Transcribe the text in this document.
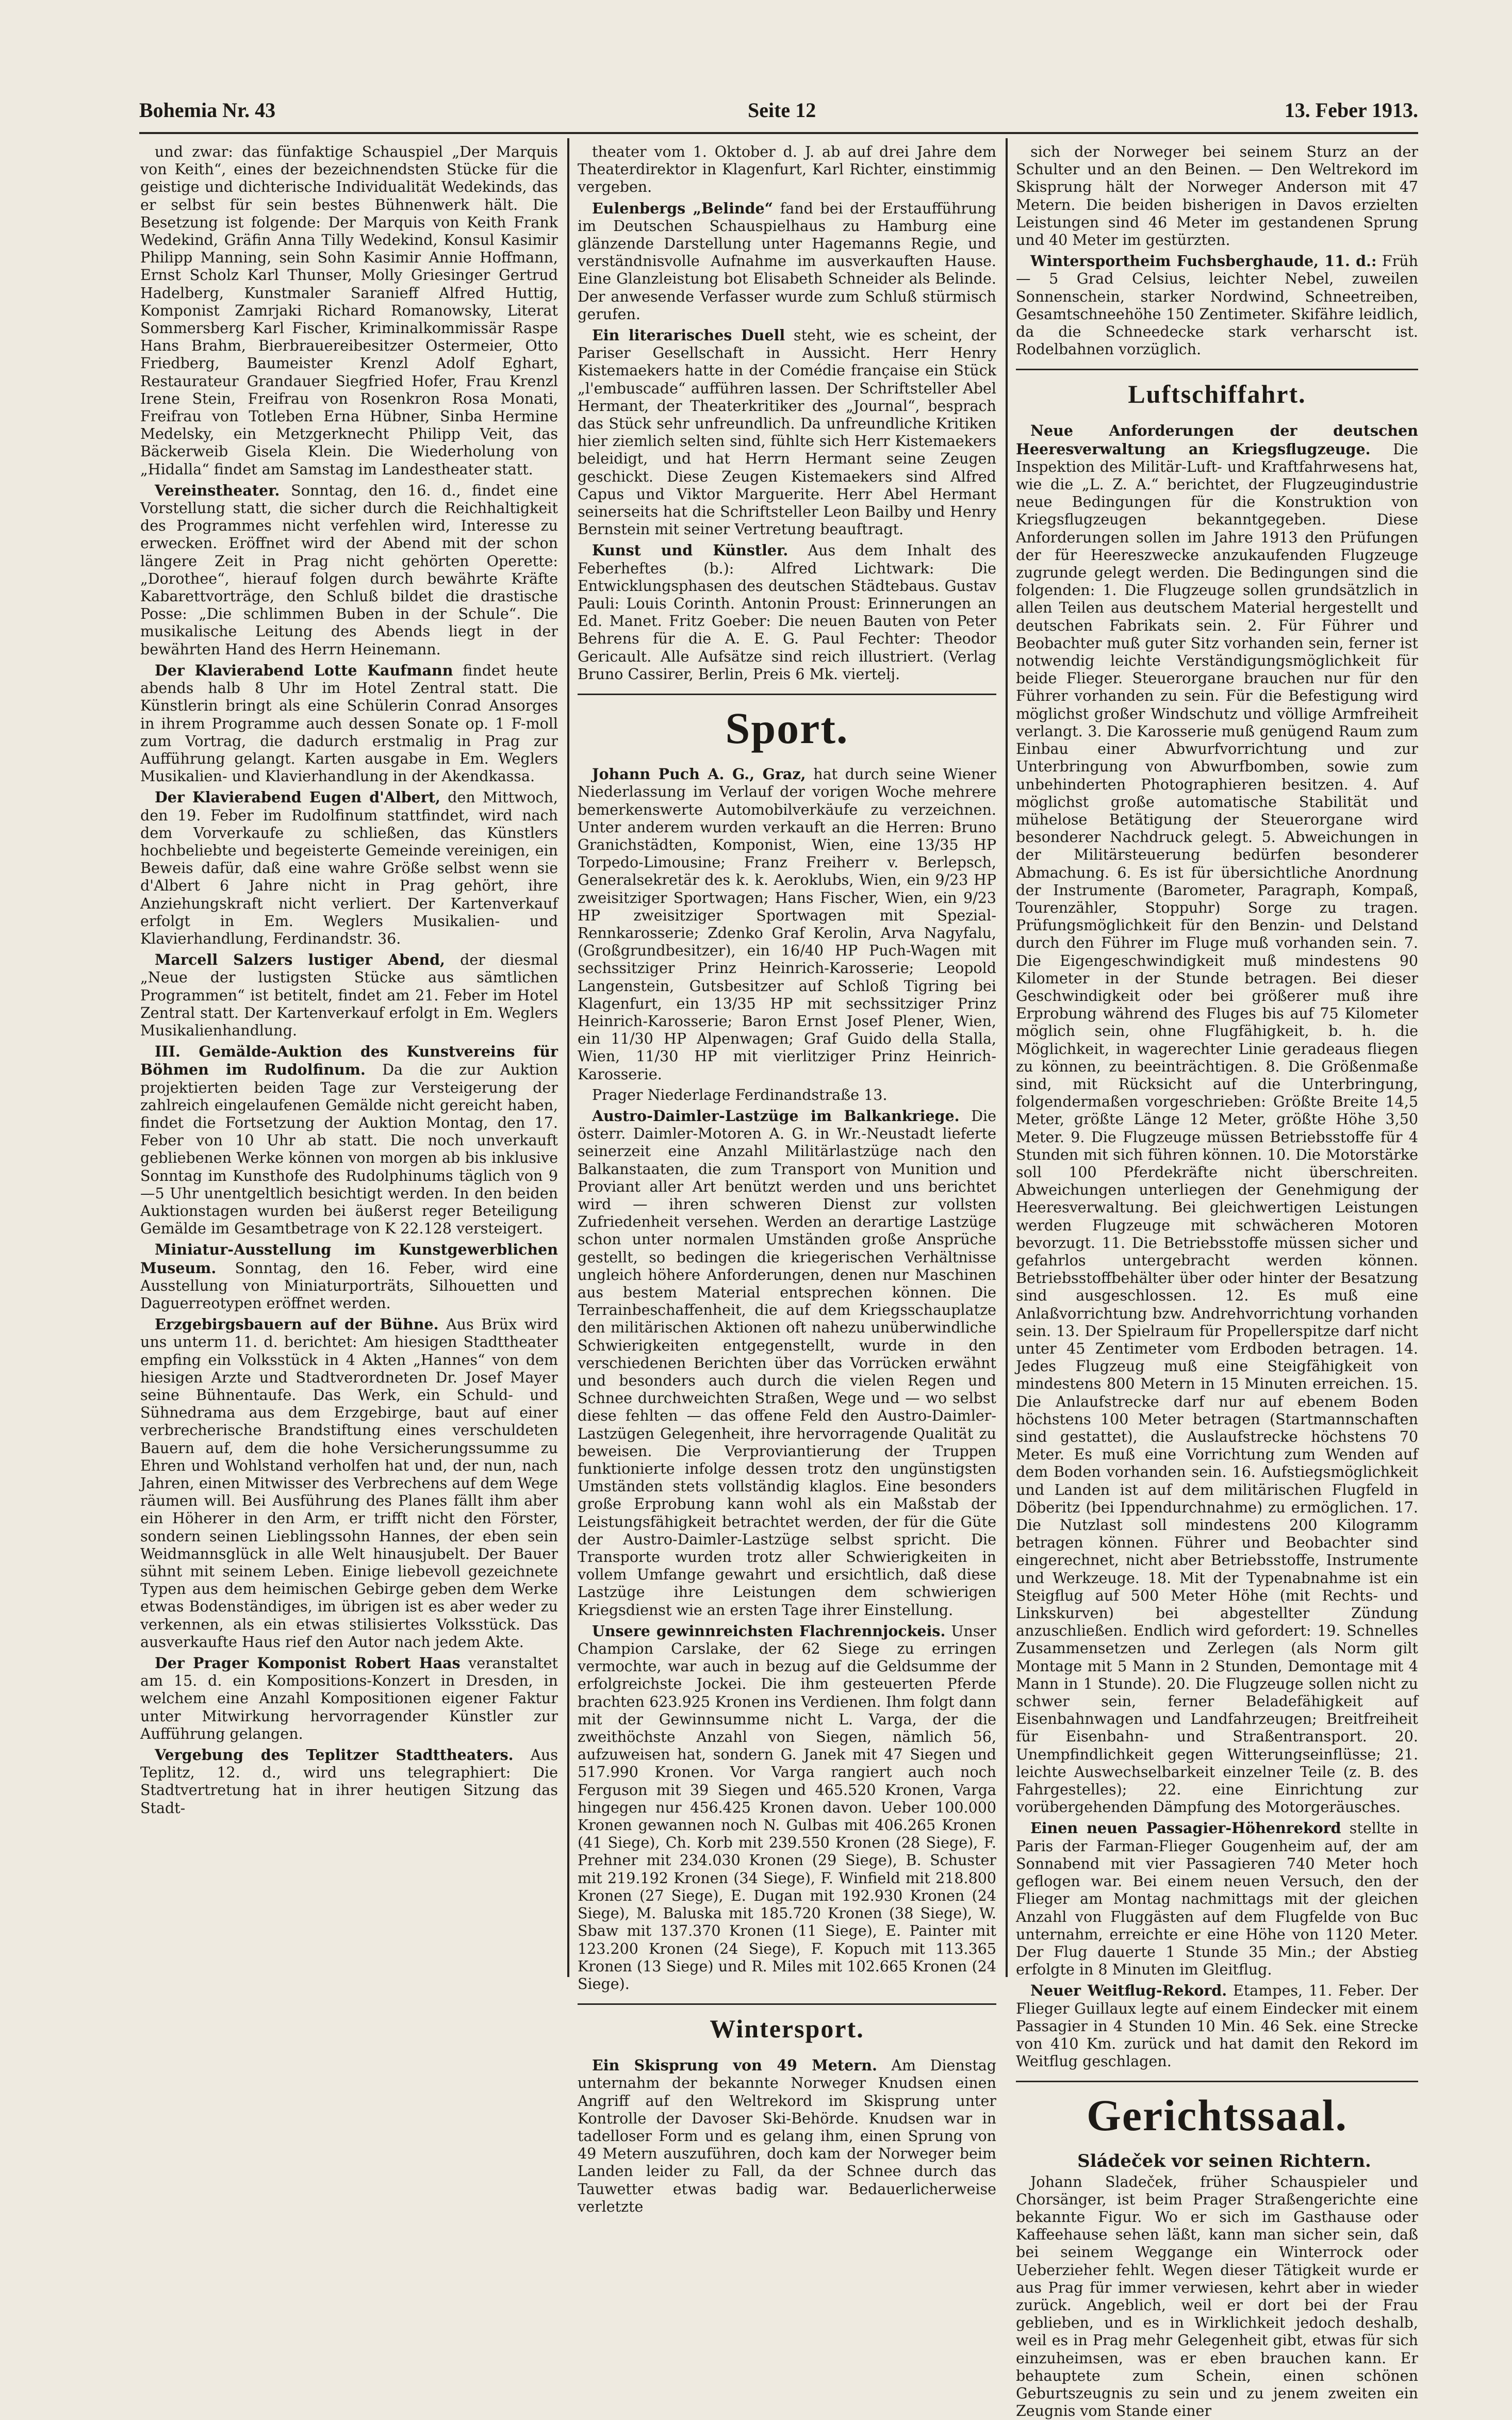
Bohemia Nr. 43	Seite 12	13. Feber 1913.

und zwar: das fünfaktige Schauspiel „Der Marquis von Keith“, eines der bezeichnendsten Stücke für die geistige und dichterische Individualität Wedekinds, das er selbst für sein bestes Bühnenwerk hält. Die Besetzung ist folgende: Der Marquis von Keith Frank Wedekind, Gräfin Anna Tilly Wedekind, Konsul Kasimir Philipp Manning, sein Sohn Kasimir Annie Hoffmann, Ernst Scholz Karl Thunser, Molly Griesinger Gertrud Hadelberg, Kunstmaler Saranieff Alfred Huttig, Komponist Zamrjaki Richard Romanowsky, Literat Sommersberg Karl Fischer, Kriminalkommissär Raspe Hans Brahm, Bierbrauereibesitzer Ostermeier, Otto Friedberg, Baumeister Krenzl Adolf Eghart, Restaurateur Grandauer Siegfried Hofer, Frau Krenzl Irene Stein, Freifrau von Rosenkron Rosa Monati, Freifrau von Totleben Erna Hübner, Sinba Hermine Medelsky, ein Metzgerknecht Philipp Veit, das Bäckerweib Gisela Klein. Die Wiederholung von „Hidalla“ findet am Samstag im Landestheater statt.

Vereinstheater. Sonntag, den 16. d., findet eine Vorstellung statt, die sicher durch die Reichhaltigkeit des Programmes nicht verfehlen wird, Interesse zu erwecken. Eröffnet wird der Abend mit der schon längere Zeit in Prag nicht gehörten Operette: „Dorothee“, hierauf folgen durch bewährte Kräfte Kabarettvorträge, den Schluß bildet die drastische Posse: „Die schlimmen Buben in der Schule“. Die musikalische Leitung des Abends liegt in der bewährten Hand des Herrn Heinemann.

Der Klavierabend Lotte Kaufmann findet heute abends halb 8 Uhr im Hotel Zentral statt. Die Künstlerin bringt als eine Schülerin Conrad Ansorges in ihrem Programme auch dessen Sonate op. 1 F-moll zum Vortrag, die dadurch erstmalig in Prag zur Aufführung gelangt. Karten ausgabe in Em. Weglers Musikalien- und Klavierhandlung in der Akendkassa.

Der Klavierabend Eugen d'Albert, den Mittwoch, den 19. Feber im Rudolfinum stattfindet, wird nach dem Vorverkaufe zu schließen, das Künstlers hochbeliebte und begeisterte Gemeinde vereinigen, ein Beweis dafür, daß eine wahre Größe selbst wenn sie d'Albert 6 Jahre nicht in Prag gehört, ihre Anziehungskraft nicht verliert. Der Kartenverkauf erfolgt in Em. Weglers Musikalien- und Klavierhandlung, Ferdinandstr. 36.

Marcell Salzers lustiger Abend, der diesmal „Neue der lustigsten Stücke aus sämtlichen Programmen“ ist betitelt, findet am 21. Feber im Hotel Zentral statt. Der Kartenverkauf erfolgt in Em. Weglers Musikalienhandlung.

III. Gemälde-Auktion des Kunstvereins für Böhmen im Rudolfinum. Da die zur Auktion projektierten beiden Tage zur Versteigerung der zahlreich eingelaufenen Gemälde nicht gereicht haben, findet die Fortsetzung der Auktion Montag, den 17. Feber von 10 Uhr ab statt. Die noch unverkauft gebliebenen Werke können von morgen ab bis inklusive Sonntag im Kunsthofe des Rudolphinums täglich von 9—5 Uhr unentgeltlich besichtigt werden. In den beiden Auktionstagen wurden bei äußerst reger Beteiligung Gemälde im Gesamtbetrage von K 22.128 versteigert.

Miniatur-Ausstellung im Kunstgewerblichen Museum. Sonntag, den 16. Feber, wird eine Ausstellung von Miniaturporträts, Silhouetten und Daguerreotypen eröffnet werden.

Erzgebirgsbauern auf der Bühne. Aus Brüx wird uns unterm 11. d. berichtet: Am hiesigen Stadttheater empfing ein Volksstück in 4 Akten „Hannes“ von dem hiesigen Arzte und Stadtverordneten Dr. Josef Mayer seine Bühnentaufe. Das Werk, ein Schuld- und Sühnedrama aus dem Erzgebirge, baut auf einer verbrecherische Brandstiftung eines verschuldeten Bauern auf, dem die hohe Versicherungssumme zu Ehren und Wohlstand verholfen hat und, der nun, nach Jahren, einen Mitwisser des Verbrechens auf dem Wege räumen will. Bei Ausführung des Planes fällt ihm aber ein Höherer in den Arm, er trifft nicht den Förster, sondern seinen Lieblingssohn Hannes, der eben sein Weidmannsglück in alle Welt hinausjubelt. Der Bauer sühnt mit seinem Leben. Einige liebevoll gezeichnete Typen aus dem heimischen Gebirge geben dem Werke etwas Bodenständiges, im übrigen ist es aber weder zu verkennen, als ein etwas stilisiertes Volksstück. Das ausverkaufte Haus rief den Autor nach jedem Akte.

Der Prager Komponist Robert Haas veranstaltet am 15. d. ein Kompositions-Konzert in Dresden, in welchem eine Anzahl Kompositionen eigener Faktur unter Mitwirkung hervorragender Künstler zur Aufführung gelangen.

Vergebung des Teplitzer Stadttheaters. Aus Teplitz, 12. d., wird uns telegraphiert: Die Stadtvertretung hat in ihrer heutigen Sitzung das Stadt-

theater vom 1. Oktober d. J. ab auf drei Jahre dem Theaterdirektor in Klagenfurt, Karl Richter, einstimmig vergeben.

Eulenbergs „Belinde“ fand bei der Erstaufführung im Deutschen Schauspielhaus zu Hamburg eine glänzende Darstellung unter Hagemanns Regie, und verständnisvolle Aufnahme im ausverkauften Hause. Eine Glanzleistung bot Elisabeth Schneider als Belinde. Der anwesende Verfasser wurde zum Schluß stürmisch gerufen.

Ein literarisches Duell steht, wie es scheint, der Pariser Gesellschaft in Aussicht. Herr Henry Kistemaekers hatte in der Comédie française ein Stück „l'embuscade“ aufführen lassen. Der Schriftsteller Abel Hermant, der Theaterkritiker des „Journal“, besprach das Stück sehr unfreundlich. Da unfreundliche Kritiken hier ziemlich selten sind, fühlte sich Herr Kistemaekers beleidigt, und hat Herrn Hermant seine Zeugen geschickt. Diese Zeugen Kistemaekers sind Alfred Capus und Viktor Marguerite. Herr Abel Hermant seinerseits hat die Schriftsteller Leon Bailby und Henry Bernstein mit seiner Vertretung beauftragt.

Kunst und Künstler. Aus dem Inhalt des Feberheftes (b.): Alfred Lichtwark: Die Entwicklungsphasen des deutschen Städtebaus. Gustav Pauli: Louis Corinth. Antonin Proust: Erinnerungen an Ed. Manet. Fritz Goeber: Die neuen Bauten von Peter Behrens für die A. E. G. Paul Fechter: Theodor Gericault. Alle Aufsätze sind reich illustriert. (Verlag Bruno Cassirer, Berlin, Preis 6 Mk. viertelj.

Sport.

Johann Puch A. G., Graz, hat durch seine Wiener Niederlassung im Verlauf der vorigen Woche mehrere bemerkenswerte Automobilverkäufe zu verzeichnen. Unter anderem wurden verkauft an die Herren: Bruno Granichstädten, Komponist, Wien, eine 13/35 HP Torpedo-Limousine; Franz Freiherr v. Berlepsch, Generalsekretär des k. k. Aeroklubs, Wien, ein 9/23 HP zweisitziger Sportwagen; Hans Fischer, Wien, ein 9/23 HP zweisitziger Sportwagen mit Spezial-Rennkarosserie; Zdenko Graf Kerolin, Arva Nagyfalu, (Großgrundbesitzer), ein 16/40 HP Puch-Wagen mit sechssitziger Prinz Heinrich-Karosserie; Leopold Langenstein, Gutsbesitzer auf Schloß Tigring bei Klagenfurt, ein 13/35 HP mit sechssitziger Prinz Heinrich-Karosserie; Baron Ernst Josef Plener, Wien, ein 11/30 HP Alpenwagen; Graf Guido della Stalla, Wien, 11/30 HP mit vierlitziger Prinz Heinrich-Karosserie.

Prager Niederlage Ferdinandstraße 13.

Austro-Daimler-Lastzüge im Balkankriege. Die österr. Daimler-Motoren A. G. in Wr.-Neustadt lieferte seinerzeit eine Anzahl Militärlastzüge nach den Balkanstaaten, die zum Transport von Munition und Proviant aller Art benützt werden und uns berichtet wird — ihren schweren Dienst zur vollsten Zufriedenheit versehen. Werden an derartige Lastzüge schon unter normalen Umständen große Ansprüche gestellt, so bedingen die kriegerischen Verhältnisse ungleich höhere Anforderungen, denen nur Maschinen aus bestem Material entsprechen können. Die Terrainbeschaffenheit, die auf dem Kriegsschauplatze den militärischen Aktionen oft nahezu unüberwindliche Schwierigkeiten entgegenstellt, wurde in den verschiedenen Berichten über das Vorrücken erwähnt und besonders auch durch die vielen Regen und Schnee durchweichten Straßen, Wege und — wo selbst diese fehlten — das offene Feld den Austro-Daimler-Lastzügen Gelegenheit, ihre hervorragende Qualität zu beweisen. Die Verproviantierung der Truppen funktionierte infolge dessen trotz den ungünstigsten Umständen stets vollständig klaglos. Eine besonders große Erprobung kann wohl als ein Maßstab der Leistungsfähigkeit betrachtet werden, der für die Güte der Austro-Daimler-Lastzüge selbst spricht. Die Transporte wurden trotz aller Schwierigkeiten in vollem Umfange gewahrt und ersichtlich, daß diese Lastzüge ihre Leistungen dem schwierigen Kriegsdienst wie an ersten Tage ihrer Einstellung.

Unsere gewinnreichsten Flachrennjockeis. Unser Champion Carslake, der 62 Siege zu erringen vermochte, war auch in bezug auf die Geldsumme der erfolgreichste Jockei. Die ihm gesteuerten Pferde brachten 623.925 Kronen ins Verdienen. Ihm folgt dann mit der Gewinnsumme nicht L. Varga, der die zweithöchste Anzahl von Siegen, nämlich 56, aufzuweisen hat, sondern G. Janek mit 47 Siegen und 517.990 Kronen. Vor Varga rangiert auch noch Ferguson mit 39 Siegen und 465.520 Kronen, Varga hingegen nur 456.425 Kronen davon. Ueber 100.000 Kronen gewannen noch N. Gulbas mit 406.265 Kronen (41 Siege), Ch. Korb mit 239.550 Kronen (28 Siege), F. Prehner mit 234.030 Kronen (29 Siege), B. Schuster mit 219.192 Kronen (34 Siege), F. Winfield mit 218.800 Kronen (27 Siege), E. Dugan mit 192.930 Kronen (24 Siege), M. Baluska mit 185.720 Kronen (38 Siege), W. Sbaw mit 137.370 Kronen (11 Siege), E. Painter mit 123.200 Kronen (24 Siege), F. Kopuch mit 113.365 Kronen (13 Siege) und R. Miles mit 102.665 Kronen (24 Siege).

Wintersport.

Ein Skisprung von 49 Metern. Am Dienstag unternahm der bekannte Norweger Knudsen einen Angriff auf den Weltrekord im Skisprung unter Kontrolle der Davoser Ski-Behörde. Knudsen war in tadelloser Form und es gelang ihm, einen Sprung von 49 Metern auszuführen, doch kam der Norweger beim Landen leider zu Fall, da der Schnee durch das Tauwetter etwas badig war. Bedauerlicherweise verletzte

sich der Norweger bei seinem Sturz an der Schulter und an den Beinen. — Den Weltrekord im Skisprung hält der Norweger Anderson mit 47 Metern. Die beiden bisherigen in Davos erzielten Leistungen sind 46 Meter im gestandenen Sprung und 40 Meter im gestürzten.

Wintersportheim Fuchsberghaude, 11. d.: Früh — 5 Grad Celsius, leichter Nebel, zuweilen Sonnenschein, starker Nordwind, Schneetreiben, Gesamtschneehöhe 150 Zentimeter. Skifähre leidlich, da die Schneedecke stark verharscht ist. Rodelbahnen vorzüglich.

Luftschiffahrt.

Neue Anforderungen der deutschen Heeresverwaltung an Kriegsflugzeuge. Die Inspektion des Militär-Luft- und Kraftfahrwesens hat, wie die „L. Z. A.“ berichtet, der Flugzeugindustrie neue Bedingungen für die Konstruktion von Kriegsflugzeugen bekanntgegeben. Diese Anforderungen sollen im Jahre 1913 den Prüfungen der für Heereszwecke anzukaufenden Flugzeuge zugrunde gelegt werden. Die Bedingungen sind die folgenden: 1. Die Flugzeuge sollen grundsätzlich in allen Teilen aus deutschem Material hergestellt und deutschen Fabrikats sein. 2. Für Führer und Beobachter muß guter Sitz vorhanden sein, ferner ist notwendig leichte Verständigungsmöglichkeit für beide Flieger. Steuerorgane brauchen nur für den Führer vorhanden zu sein. Für die Befestigung wird möglichst großer Windschutz und völlige Armfreiheit verlangt. 3. Die Karosserie muß genügend Raum zum Einbau einer Abwurfvorrichtung und zur Unterbringung von Abwurfbomben, sowie zum unbehinderten Photographieren besitzen. 4. Auf möglichst große automatische Stabilität und mühelose Betätigung der Steuerorgane wird besonderer Nachdruck gelegt. 5. Abweichungen in der Militärsteuerung bedürfen besonderer Abmachung. 6. Es ist für übersichtliche Anordnung der Instrumente (Barometer, Paragraph, Kompaß, Tourenzähler, Stoppuhr) Sorge zu tragen. Prüfungsmöglichkeit für den Benzin- und Delstand durch den Führer im Fluge muß vorhanden sein. 7. Die Eigengeschwindigkeit muß mindestens 90 Kilometer in der Stunde betragen. Bei dieser Geschwindigkeit oder bei größerer muß ihre Erprobung während des Fluges bis auf 75 Kilometer möglich sein, ohne Flugfähigkeit, b. h. die Möglichkeit, in wagerechter Linie geradeaus fliegen zu können, zu beeinträchtigen. 8. Die Größenmaße sind, mit Rücksicht auf die Unterbringung, folgendermaßen vorgeschrieben: Größte Breite 14,5 Meter, größte Länge 12 Meter, größte Höhe 3,50 Meter. 9. Die Flugzeuge müssen Betriebsstoffe für 4 Stunden mit sich führen können. 10. Die Motorstärke soll 100 Pferdekräfte nicht überschreiten. Abweichungen unterliegen der Genehmigung der Heeresverwaltung. Bei gleichwertigen Leistungen werden Flugzeuge mit schwächeren Motoren bevorzugt. 11. Die Betriebsstoffe müssen sicher und gefahrlos untergebracht werden können. Betriebsstoffbehälter über oder hinter der Besatzung sind ausgeschlossen. 12. Es muß eine Anlaßvorrichtung bzw. Andrehvorrichtung vorhanden sein. 13. Der Spielraum für Propellerspitze darf nicht unter 45 Zentimeter vom Erdboden betragen. 14. Jedes Flugzeug muß eine Steigfähigkeit von mindestens 800 Metern in 15 Minuten erreichen. 15. Die Anlaufstrecke darf nur auf ebenem Boden höchstens 100 Meter betragen (Startmannschaften sind gestattet), die Auslaufstrecke höchstens 70 Meter. Es muß eine Vorrichtung zum Wenden auf dem Boden vorhanden sein. 16. Aufstiegsmöglichkeit und Landen ist auf dem militärischen Flugfeld in Döberitz (bei Ippendurchnahme) zu ermöglichen. 17. Die Nutzlast soll mindestens 200 Kilogramm betragen können. Führer und Beobachter sind eingerechnet, nicht aber Betriebsstoffe, Instrumente und Werkzeuge. 18. Mit der Typenabnahme ist ein Steigflug auf 500 Meter Höhe (mit Rechts- und Linkskurven) bei abgestellter Zündung anzuschließen. Endlich wird gefordert: 19. Schnelles Zusammensetzen und Zerlegen (als Norm gilt Montage mit 5 Mann in 2 Stunden, Demontage mit 4 Mann in 1 Stunde). 20. Die Flugzeuge sollen nicht zu schwer sein, ferner Beladefähigkeit auf Eisenbahnwagen und Landfahrzeugen; Breitfreiheit für Eisenbahn- und Straßentransport. 20. Unempfindlichkeit gegen Witterungseinflüsse; 21. leichte Auswechselbarkeit einzelner Teile (z. B. des Fahrgestelles); 22. eine Einrichtung zur vorübergehenden Dämpfung des Motorgeräusches.

Einen neuen Passagier-Höhenrekord stellte in Paris der Farman-Flieger Gougenheim auf, der am Sonnabend mit vier Passagieren 740 Meter hoch geflogen war. Bei einem neuen Versuch, den der Flieger am Montag nachmittags mit der gleichen Anzahl von Fluggästen auf dem Flugfelde von Buc unternahm, erreichte er eine Höhe von 1120 Meter. Der Flug dauerte 1 Stunde 35 Min.; der Abstieg erfolgte in 8 Minuten im Gleitflug.

Neuer Weitflug-Rekord. Etampes, 11. Feber. Der Flieger Guillaux legte auf einem Eindecker mit einem Passagier in 4 Stunden 10 Min. 46 Sek. eine Strecke von 410 Km. zurück und hat damit den Rekord im Weitflug geschlagen.

Gerichtssaal.

Sládeček vor seinen Richtern.

Johann Sladeček, früher Schauspieler und Chorsänger, ist beim Prager Straßengerichte eine bekannte Figur. Wo er sich im Gasthause oder Kaffeehause sehen läßt, kann man sicher sein, daß bei seinem Weggange ein Winterrock oder Ueberzieher fehlt. Wegen dieser Tätigkeit wurde er aus Prag für immer verwiesen, kehrt aber in wieder zurück. Angeblich, weil er dort bei der Frau geblieben, und es in Wirklichkeit jedoch deshalb, weil es in Prag mehr Gelegenheit gibt, etwas für sich einzuheimsen, was er eben brauchen kann. Er behauptete zum Schein, einen schönen Geburtszeugnis zu sein und zu jenem zweiten ein Zeugnis vom Stande einer
